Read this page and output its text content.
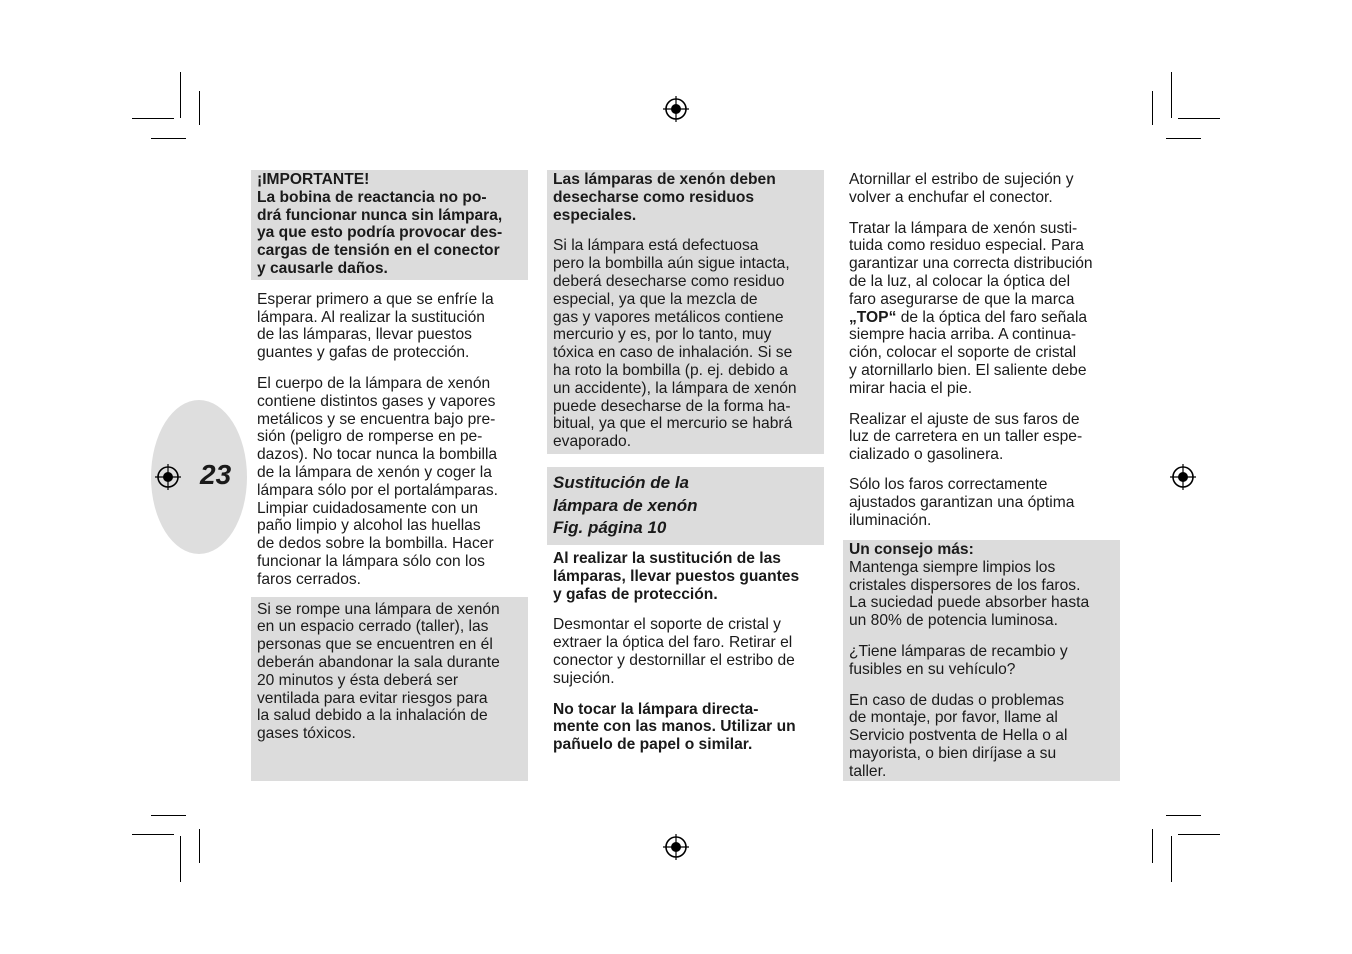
23
¡IMPORTANTE!
La bobina de reactancia no po-
drá funcionar nunca sin lámpara,
ya que esto podría provocar des-
cargas de tensión en el conector
y causarle daños.
Esperar primero a que se enfríe la
lámpara. Al realizar la sustitución
de las lámparas, llevar puestos
guantes y gafas de protección.
El cuerpo de la lámpara de xenón
contiene distintos gases y vapores
metálicos y se encuentra bajo pre-
sión (peligro de romperse en pe-
dazos). No tocar nunca la bombilla
de la lámpara de xenón y coger la
lámpara sólo por el portalámparas.
Limpiar cuidadosamente con un
paño limpio y alcohol las huellas
de dedos sobre la bombilla. Hacer
funcionar la lámpara sólo con los
faros cerrados.
Si se rompe una lámpara de xenón
en un espacio cerrado (taller), las
personas que se encuentren en él
deberán abandonar la sala durante
20 minutos y ésta deberá ser
ventilada para evitar riesgos para
la salud debido a la inhalación de
gases tóxicos.
Las lámparas de xenón deben
desecharse como residuos
especiales.
Si la lámpara está defectuosa
pero la bombilla aún sigue intacta,
deberá desecharse como residuo
especial, ya que la mezcla de
gas y vapores metálicos contiene
mercurio y es, por lo tanto, muy
tóxica en caso de inhalación. Si se
ha roto la bombilla (p. ej. debido a
un accidente), la lámpara de xenón
puede desecharse de la forma ha-
bitual, ya que el mercurio se habrá
evaporado.
Sustitución de la
lámpara de xenón
Fig. página 10
Al realizar la sustitución de las
lámparas, llevar puestos guantes
y gafas de protección.
Desmontar el soporte de cristal y
extraer la óptica del faro. Retirar el
conector y destornillar el estribo de
sujeción.
No tocar la lámpara directa-
mente con las manos. Utilizar un
pañuelo de papel o similar.
Atornillar el estribo de sujeción y
volver a enchufar el conector.
Tratar la lámpara de xenón susti-
tuida como residuo especial. Para
garantizar una correcta distribución
de la luz, al colocar la óptica del
faro asegurarse de que la marca
„TOP“ de la óptica del faro señala
siempre hacia arriba. A continua-
ción, colocar el soporte de cristal
y atornillarlo bien. El saliente debe
mirar hacia el pie.
Realizar el ajuste de sus faros de
luz de carretera en un taller espe-
cializado o gasolinera.
Sólo los faros correctamente
ajustados garantizan una óptima
iluminación.
Un consejo más:
Mantenga siempre limpios los
cristales dispersores de los faros.
La suciedad puede absorber hasta
un 80% de potencia luminosa.
¿Tiene lámparas de recambio y
fusibles en su vehículo?
En caso de dudas o problemas
de montaje, por favor, llame al
Servicio postventa de Hella o al
mayorista, o bien diríjase a su
taller.
